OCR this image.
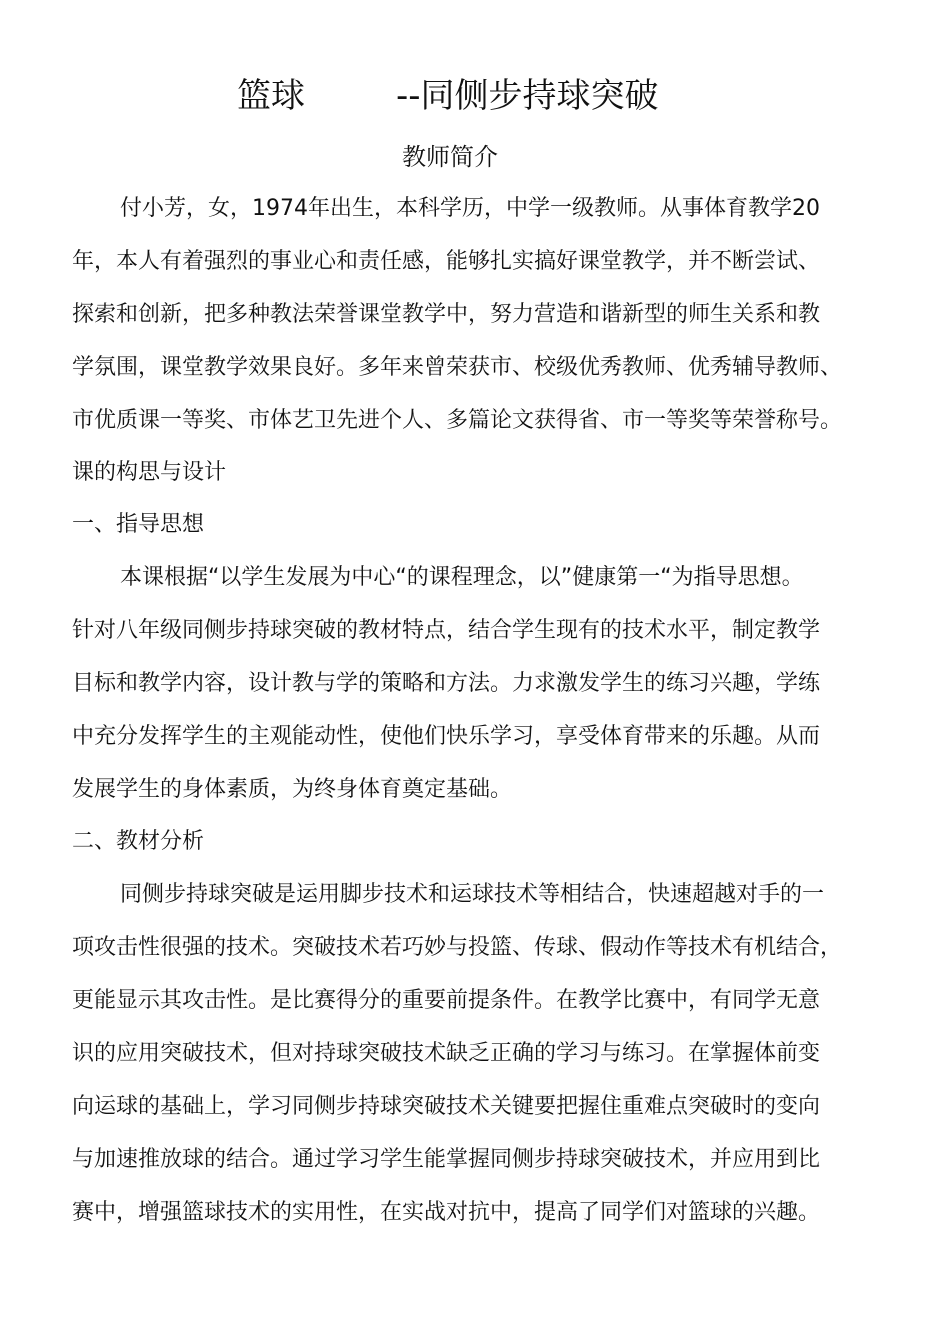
篮球	--同侧步持球突破
教师简介
付小芳，女，1974年出生，本科学历，中学一级教师。从事体育教学20
年，本人有着强烈的事业心和责任感，能够扎实搞好课堂教学，并不断尝试、
探索和创新，把多种教法荣誉课堂教学中，努力营造和谐新型的师生关系和教
学氛围，课堂教学效果良好。多年来曾荣获市、校级优秀教师、优秀辅导教师、
市优质课一等奖、市体艺卫先进个人、多篇论文获得省、市一等奖等荣誉称号。
课的构思与设计
一、指导思想
本课根据“以学生发展为中心“的课程理念，以”健康第一“为指导思想。
针对八年级同侧步持球突破的教材特点，结合学生现有的技术水平，制定教学
目标和教学内容，设计教与学的策略和方法。力求激发学生的练习兴趣，学练
中充分发挥学生的主观能动性，使他们快乐学习，享受体育带来的乐趣。从而
发展学生的身体素质，为终身体育奠定基础。
二、教材分析
同侧步持球突破是运用脚步技术和运球技术等相结合，快速超越对手的一
项攻击性很强的技术。突破技术若巧妙与投篮、传球、假动作等技术有机结合，
更能显示其攻击性。是比赛得分的重要前提条件。在教学比赛中，有同学无意
识的应用突破技术，但对持球突破技术缺乏正确的学习与练习。在掌握体前变
向运球的基础上，学习同侧步持球突破技术关键要把握住重难点突破时的变向
与加速推放球的结合。通过学习学生能掌握同侧步持球突破技术，并应用到比
赛中，增强篮球技术的实用性，在实战对抗中，提高了同学们对篮球的兴趣。
